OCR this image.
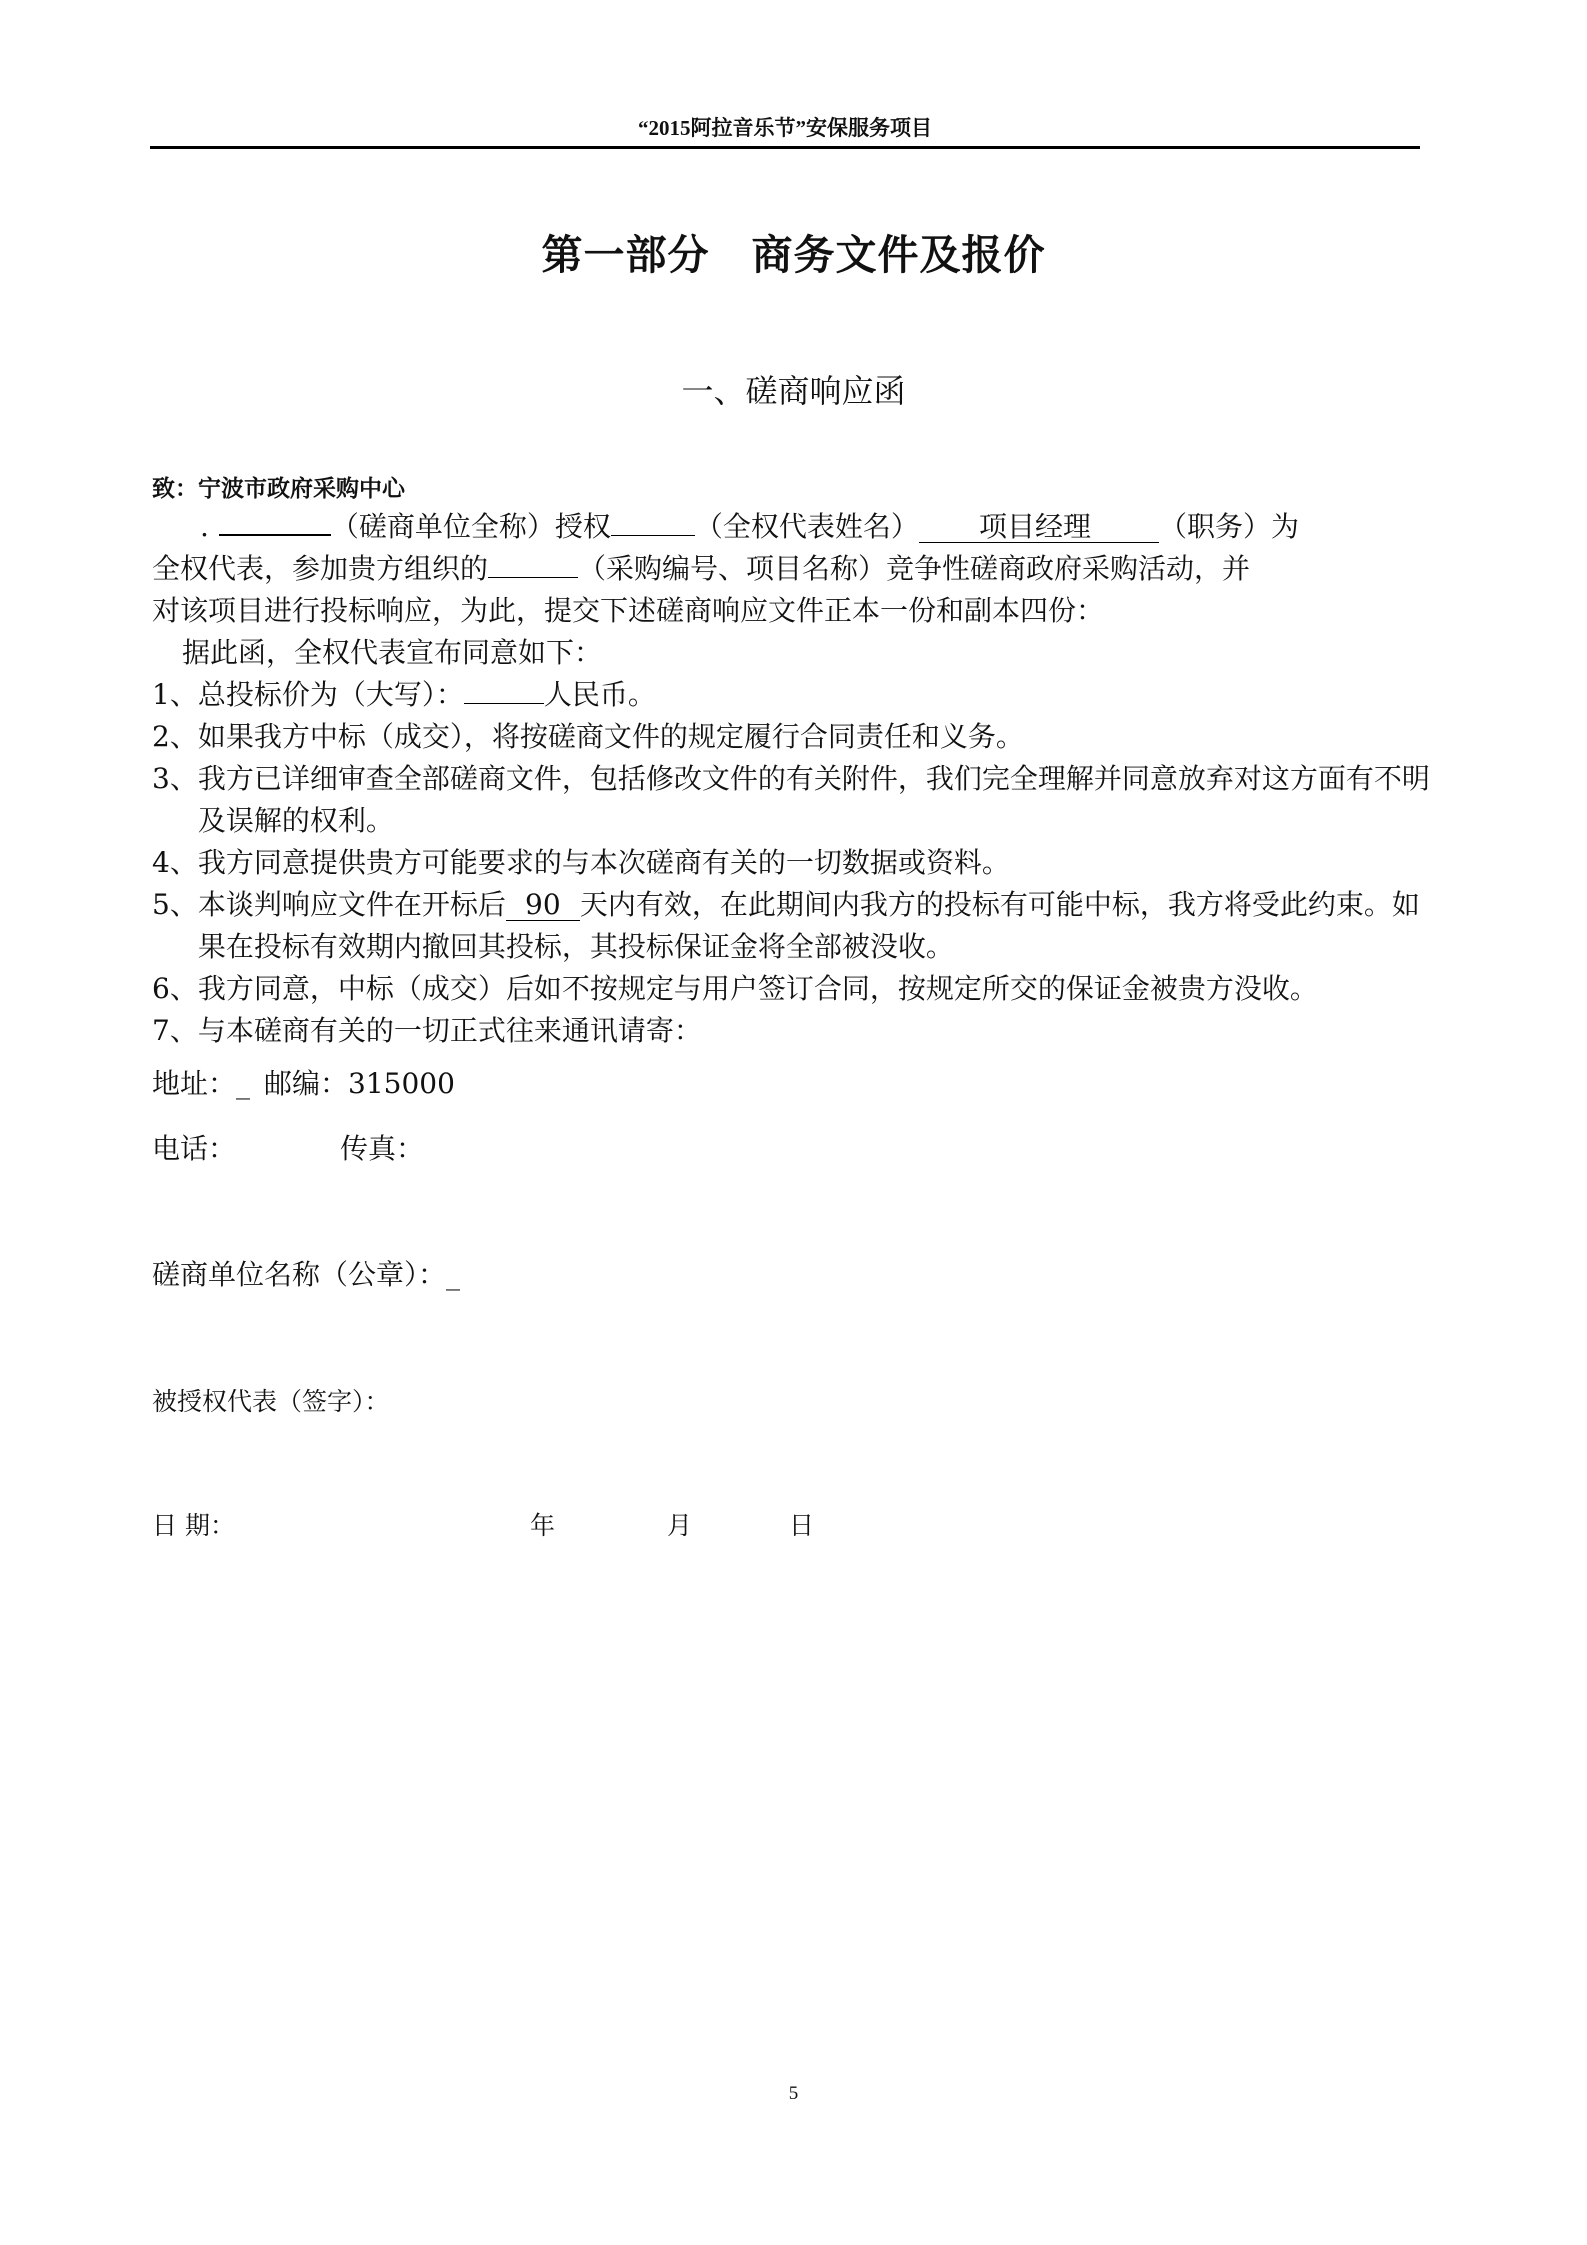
“2015阿拉音乐节”安保服务项目
第一部分 商务文件及报价
一、磋商响应函
致：宁波市政府采购中心
.	（磋商单位全称）授权	（全权代表姓名） 项目经理 （职务）为
全权代表，参加贵方组织的	（采购编号、项目名称）竞争性磋商政府采购活动，并
对该项目进行投标响应，为此，提交下述磋商响应文件正本一份和副本四份：
据此函，全权代表宣布同意如下：
1、 总投标价为（大写）：	人民币。
2、 如果我方中标（成交），将按磋商文件的规定履行合同责任和义务。
3、 我方已详细审查全部磋商文件，包括修改文件的有关附件，我们完全理解并同意放弃对这方面有不明及误解的权利。
4、 我方同意提供贵方可能要求的与本次磋商有关的一切数据或资料。
5、 本谈判响应文件在开标后 90 天内有效，在此期间内我方的投标有可能中标，我方将受此约束。如果在投标有效期内撤回其投标，其投标保证金将全部被没收。
6、 我方同意，中标（成交）后如不按规定与用户签订合同，按规定所交的保证金被贵方没收。
7、 与本磋商有关的一切正式往来通讯请寄：
地址：_ 邮编：315000
电话：	传真：
磋商单位名称（公章）：_
被授权代表（签字）：
日 期：	年	月	日
5
